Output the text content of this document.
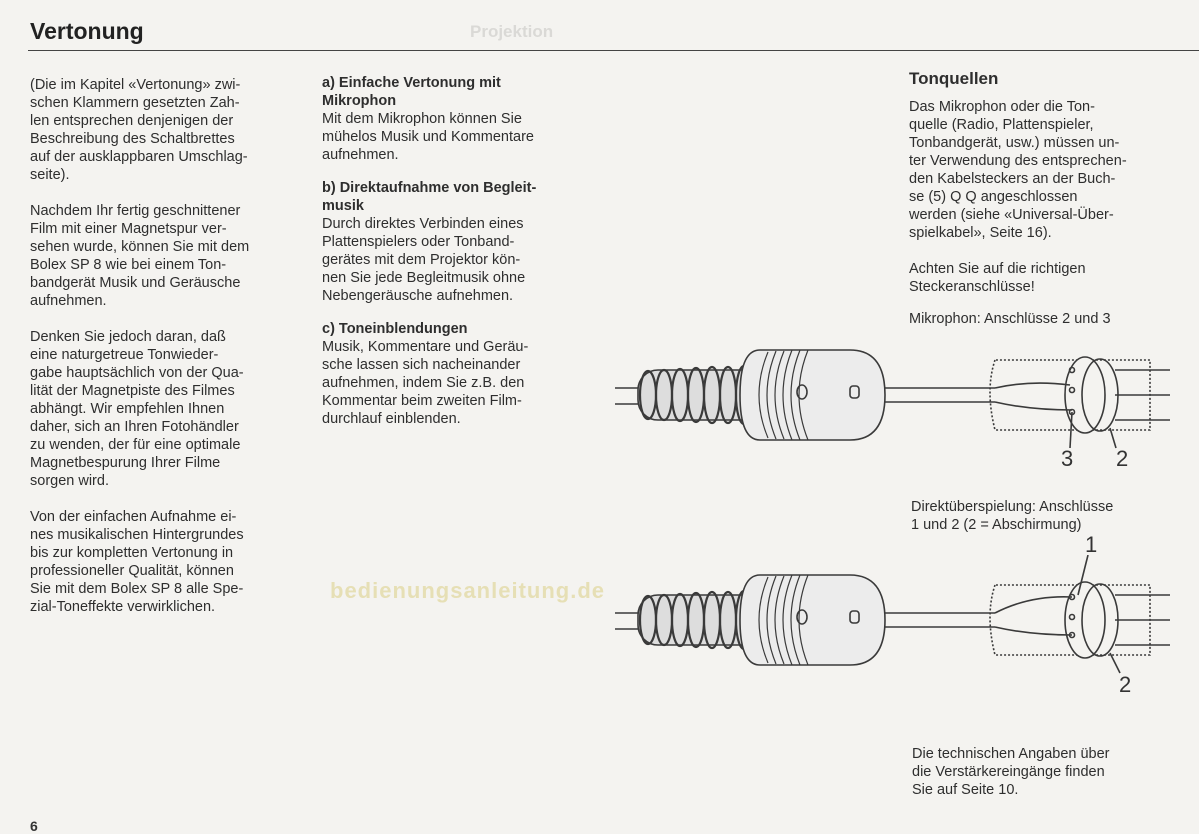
Projektion
Vertonung

(Die im Kapitel «Vertonung» zwi-
schen Klammern gesetzten Zah-
len entsprechen denjenigen der
Beschreibung des Schaltbrettes
auf der ausklappbaren Umschlag-
seite).

Nachdem Ihr fertig geschnittener
Film mit einer Magnetspur ver-
sehen wurde, können Sie mit dem
Bolex SP 8 wie bei einem Ton-
bandgerät Musik und Geräusche
aufnehmen.

Denken Sie jedoch daran, daß
eine naturgetreue Tonwieder-
gabe hauptsächlich von der Qua-
lität der Magnetpiste des Filmes
abhängt. Wir empfehlen Ihnen
daher, sich an Ihren Fotohändler
zu wenden, der für eine optimale
Magnetbespurung Ihrer Filme
sorgen wird.

Von der einfachen Aufnahme ei-
nes musikalischen Hintergrundes
bis zur kompletten Vertonung in
professioneller Qualität, können
Sie mit dem Bolex SP 8 alle Spe-
zial-Toneffekte verwirklichen.

a) Einfache Vertonung mit
Mikrophon
Mit dem Mikrophon können Sie
mühelos Musik und Kommentare
aufnehmen.
b) Direktaufnahme von Begleit-
musik
Durch direktes Verbinden eines
Plattenspielers oder Tonband-
gerätes mit dem Projektor kön-
nen Sie jede Begleitmusik ohne
Nebengeräusche aufnehmen.
c) Toneinblendungen
Musik, Kommentare und Geräu-
sche lassen sich nacheinander
aufnehmen, indem Sie z.B. den
Kommentar beim zweiten Film-
durchlauf einblenden.
Tonquellen

Das Mikrophon oder die Ton-
quelle (Radio, Plattenspieler,
Tonbandgerät, usw.) müssen un-
ter Verwendung des entsprechen-
den Kabelsteckers an der Buch-
se (5) Q Q angeschlossen
werden (siehe «Universal-Über-
spielkabel», Seite 16).

Achten Sie auf die richtigen
Steckeranschlüsse!

Mikrophon: Anschlüsse 2 und 3
Direktüberspielung: Anschlüsse
1 und 2 (2 = Abschirmung)
Die technischen Angaben über
die Verstärkereingänge finden
Sie auf Seite 10.
3 2
1
2
bedienungsanleitung.de
6
